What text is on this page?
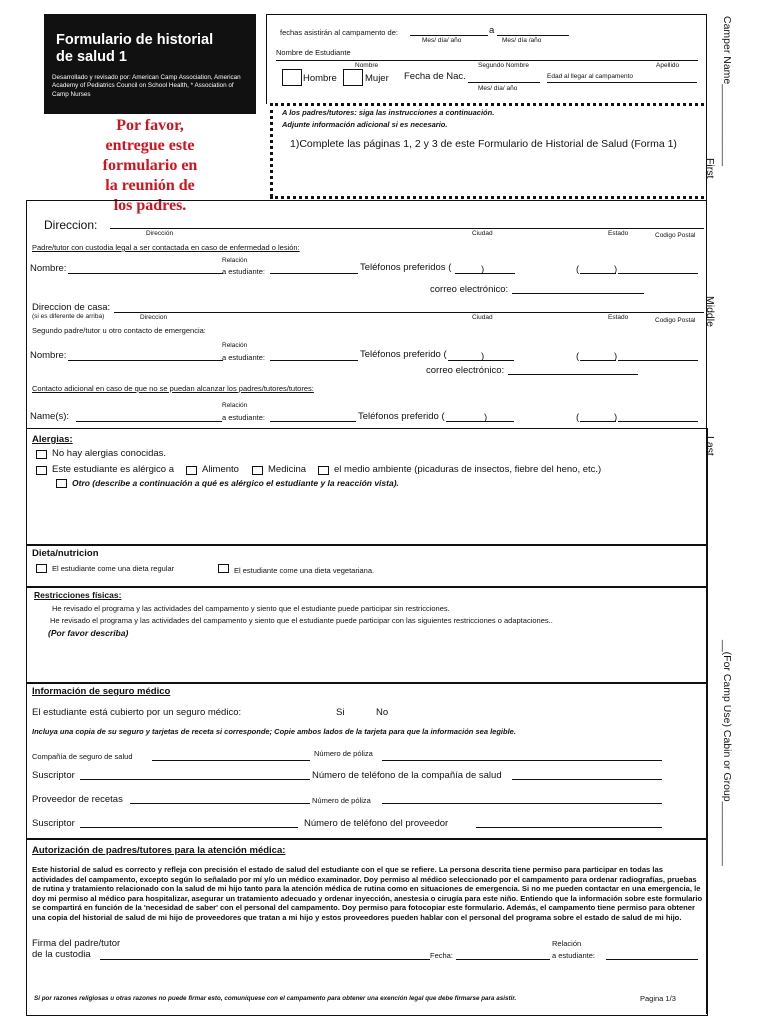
Formulario de historial
de salud 1
Desarrollado y revisado por: American Camp Association, American Academy of Pediatrics Council on School Health, * Association of Camp Nurses
Por favor,
entregue este
formulario en
la reunión de
los padres.
fechas asistirán al campamento de:	a
Mes/ día/ año	Mes/ día /año
Nombre de Estudiante
Nombre	Segundo Nombre	Apellido
Hombre	Mujer Fecha de Nac.
Mes/ día/ año
Edad al llegar al campamento
A los padres/tutores: siga las instrucciones a continuación.
Adjunte información adicional si es necesario.
1)Complete las páginas 1, 2 y 3 de este Formulario de Historial de Salud (Forma 1)	Camper Name______________
First
Middle
Last
__(For Camp Use) Cabin or Group___________
Direccion:
Dirección	Ciudad	Estado	Codigo Postal
Padre/tutor con custodia legal a ser contactada en caso de enfermedad o lesión:
Nombre:
Relación
a estudiante:	Teléfonos preferidos (	)	(	)
correo electrónico:
Direccion de casa:
(si es diferente de arriba)	Direccion	Ciudad	Estado	Codigo Postal
Segundo padre/tutor u otro contacto de emergencia:
Nombre:
Relación
a estudiante:	Teléfonos preferido (	)	(	)
correo electrónico:
Contacto adicional en caso de que no se puedan alcanzar los padres/tutores/tutores:
Name(s):
Relación
a estudiante:	Teléfonos preferido (	)	(	)
Alergias:
No hay alergias conocidas.
Este estudiante es alérgico a	Alimento	Medicina	el medio ambiente (picaduras de insectos, fiebre del heno, etc.)
Otro (describe a continuación a qué es alérgico el estudiante y la reacción vista).
Dieta/nutricion
El estudiante come una dieta regular	El estudiante come una dieta vegetariana.
Restricciones físicas:
He revisado el programa y las actividades del campamento y siento que el estudiante puede participar sin restricciones.
He revisado el programa y las actividades del campamento y siento que el estudiante puede participar con las siguientes restricciones o adaptaciones..
(Por favor describa)
Información de seguro médico
El estudiante está cubierto por un seguro médico:	Si	No
Incluya una copia de su seguro y tarjetas de receta si corresponde; Copie ambos lados de la tarjeta para que la información sea legible.
Compañía de seguro de salud	Número de póliza
Suscriptor	Número de teléfono de la compañía de salud
Proveedor de recetas	Número de póliza
Suscriptor	Número de teléfono del proveedor
Autorización de padres/tutores para la atención médica:
Este historial de salud es correcto y refleja con precisión el estado de salud del estudiante con el que se refiere. La persona descrita tiene permiso para participar en todas las actividades del campamento, excepto según lo señalado por mí y/o un médico examinador. Doy permiso al médico seleccionado por el campamento para ordenar radiografías, pruebas de rutina y tratamiento relacionado con la salud de mi hijo tanto para la atención médica de rutina como en situaciones de emergencia. Si no me pueden contactar en una emergencia, le doy mi permiso al médico para hospitalizar, asegurar un tratamiento adecuado y ordenar inyección, anestesia o cirugía para este niño. Entiendo que la información sobre este formulario se compartirá en función de la 'necesidad de saber' con el personal del campamento. Doy permiso para fotocopiar este formulario. Además, el campamento tiene permiso para obtener una copia del historial de salud de mi hijo de proveedores que tratan a mi hijo y estos proveedores pueden hablar con el personal del programa sobre el estado de salud de mi hijo.
Firma del padre/tutor
de la custodia	Fecha:
Relación
a estudiante:
Si por razones religiosas u otras razones no puede firmar esto, comuníquese con el campamento para obtener una exención legal que debe firmarse para asistir.	Pagina 1/3
